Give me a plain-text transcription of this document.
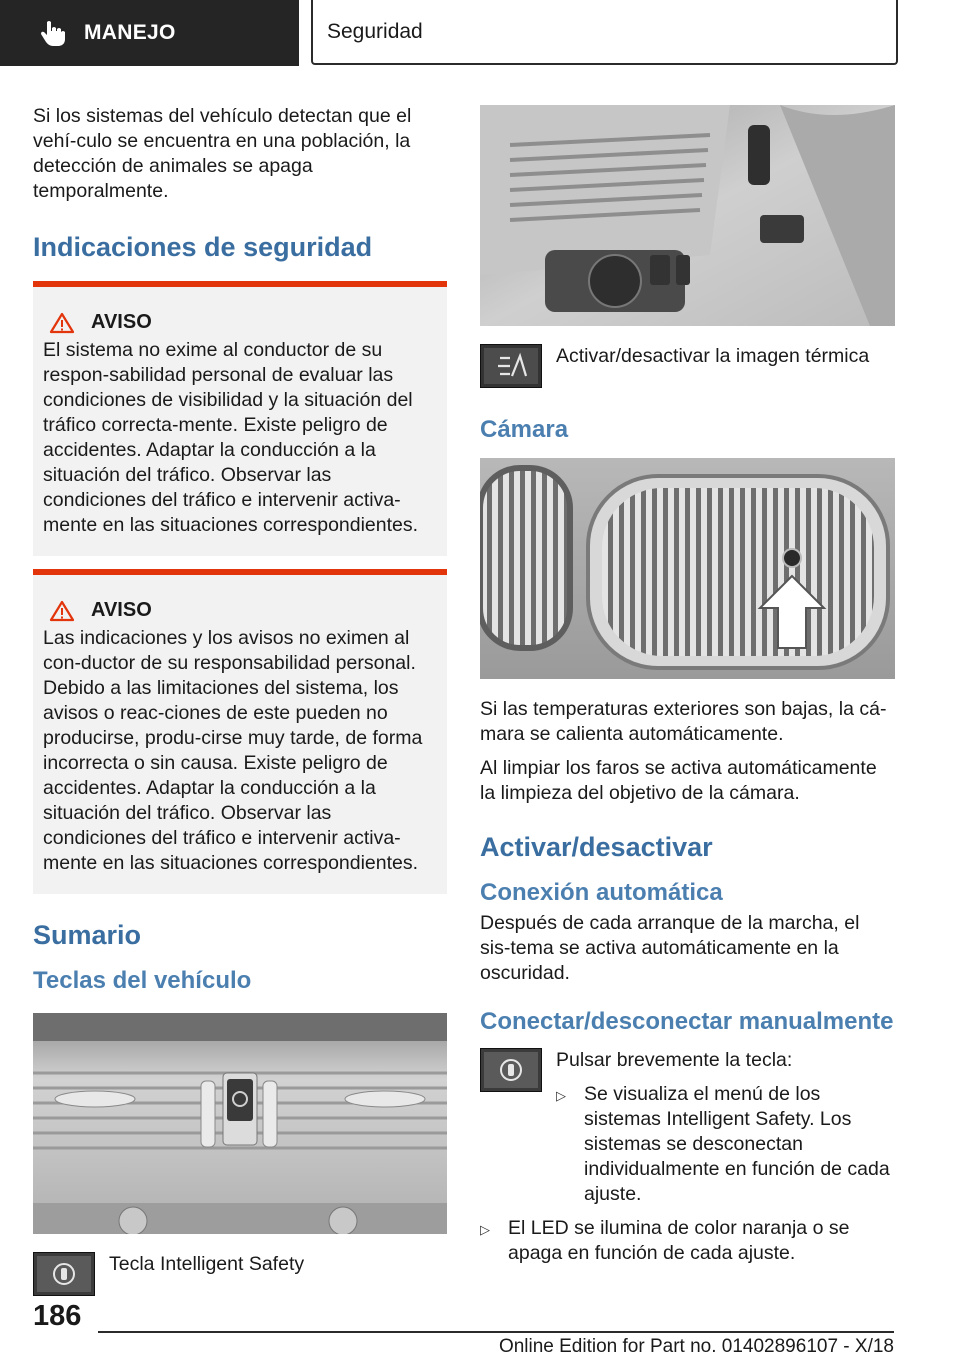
MANEJO	Seguridad

Si los sistemas del vehículo detectan que el vehí-culo se encuentra en una población, la detección de animales se apaga temporalmente.

Indicaciones de seguridad
AVISO

El sistema no exime al conductor de su respon-sabilidad personal de evaluar las condiciones de visibilidad y la situación del tráfico correcta-mente. Existe peligro de accidentes. Adaptar la conducción a la situación del tráfico. Observar las condiciones del tráfico e intervenir activa-mente en las situaciones correspondientes.

AVISO

Las indicaciones y los avisos no eximen al con-ductor de su responsabilidad personal. Debido a las limitaciones del sistema, los avisos o reac-ciones de este pueden no producirse, produ-cirse muy tarde, de forma incorrecta o sin causa. Existe peligro de accidentes. Adaptar la conducción a la situación del tráfico. Observar las condiciones del tráfico e intervenir activa-mente en las situaciones correspondientes.

Sumario
Teclas del vehículo
Tecla Intelligent Safety
Activar/desactivar la imagen térmica
Cámara

Si las temperaturas exteriores son bajas, la cá-mara se calienta automáticamente.

Al limpiar los faros se activa automáticamente la limpieza del objetivo de la cámara.

Activar/desactivar
Conexión automática

Después de cada arranque de la marcha, el sis-tema se activa automáticamente en la oscuridad.

Conectar/desconectar manualmente
Pulsar brevemente la tecla:
▷ Se visualiza el menú de los sistemas Intelligent Safety. Los sistemas se desconectan individualmente en función de cada ajuste.
▷ El LED se ilumina de color naranja o se apaga en función de cada ajuste.
186
Online Edition for Part no. 01402896107 - X/18
